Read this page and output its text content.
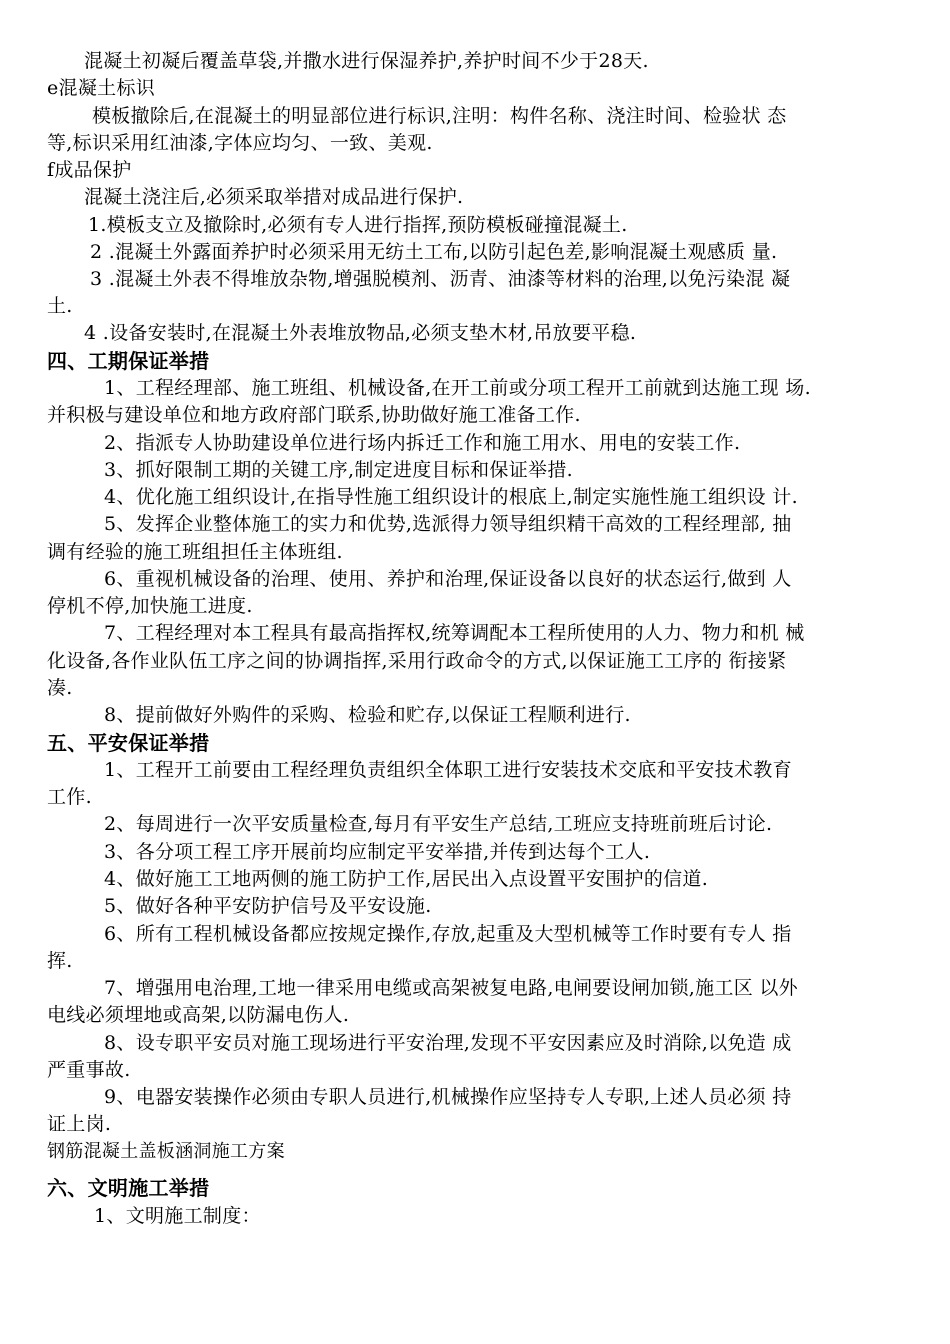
混凝土初凝后覆盖草袋,并撒水进行保湿养护,养护时间不少于28天.
e混凝土标识
模板撤除后,在混凝土的明显部位进行标识,注明：构件名称、浇注时间、检验状 态
等,标识采用红油漆,字体应均匀、一致、美观.
f成品保护
混凝土浇注后,必须采取举措对成品进行保护.
1.模板支立及撤除时,必须有专人进行指挥,预防模板碰撞混凝土.
2 .混凝土外露面养护时必须采用无纺土工布,以防引起色差,影响混凝土观感质 量.
3 .混凝土外表不得堆放杂物,增强脱模剂、沥青、油漆等材料的治理,以免污染混 凝
土.
4 .设备安装时,在混凝土外表堆放物品,必须支垫木材,吊放要平稳.
四、工期保证举措
1、工程经理部、施工班组、机械设备,在开工前或分项工程开工前就到达施工现 场.
并积极与建设单位和地方政府部门联系,协助做好施工准备工作.
2、指派专人协助建设单位进行场内拆迁工作和施工用水、用电的安装工作.
3、抓好限制工期的关键工序,制定进度目标和保证举措.
4、优化施工组织设计,在指导性施工组织设计的根底上,制定实施性施工组织设 计.
5、发挥企业整体施工的实力和优势,选派得力领导组织精干高效的工程经理部, 抽
调有经验的施工班组担任主体班组.
6、重视机械设备的治理、使用、养护和治理,保证设备以良好的状态运行,做到 人
停机不停,加快施工进度.
7、工程经理对本工程具有最高指挥权,统筹调配本工程所使用的人力、物力和机 械
化设备,各作业队伍工序之间的协调指挥,采用行政命令的方式,以保证施工工序的 衔接紧
凑.
8、提前做好外购件的采购、检验和贮存,以保证工程顺利进行.
五、平安保证举措
1、工程开工前要由工程经理负责组织全体职工进行安装技术交底和平安技术教育
工作.
2、每周进行一次平安质量检查,每月有平安生产总结,工班应支持班前班后讨论.
3、各分项工程工序开展前均应制定平安举措,并传到达每个工人.
4、做好施工工地两侧的施工防护工作,居民出入点设置平安围护的信道.
5、做好各种平安防护信号及平安设施.
6、所有工程机械设备都应按规定操作,存放,起重及大型机械等工作时要有专人 指
挥.
7、增强用电治理,工地一律采用电缆或高架被复电路,电闸要设闸加锁,施工区 以外
电线必须埋地或高架,以防漏电伤人.
8、设专职平安员对施工现场进行平安治理,发现不平安因素应及时消除,以免造 成
严重事故.
9、电器安装操作必须由专职人员进行,机械操作应坚持专人专职,上述人员必须 持
证上岗.
钢筋混凝土盖板涵洞施工方案
六、文明施工举措
1、文明施工制度：
